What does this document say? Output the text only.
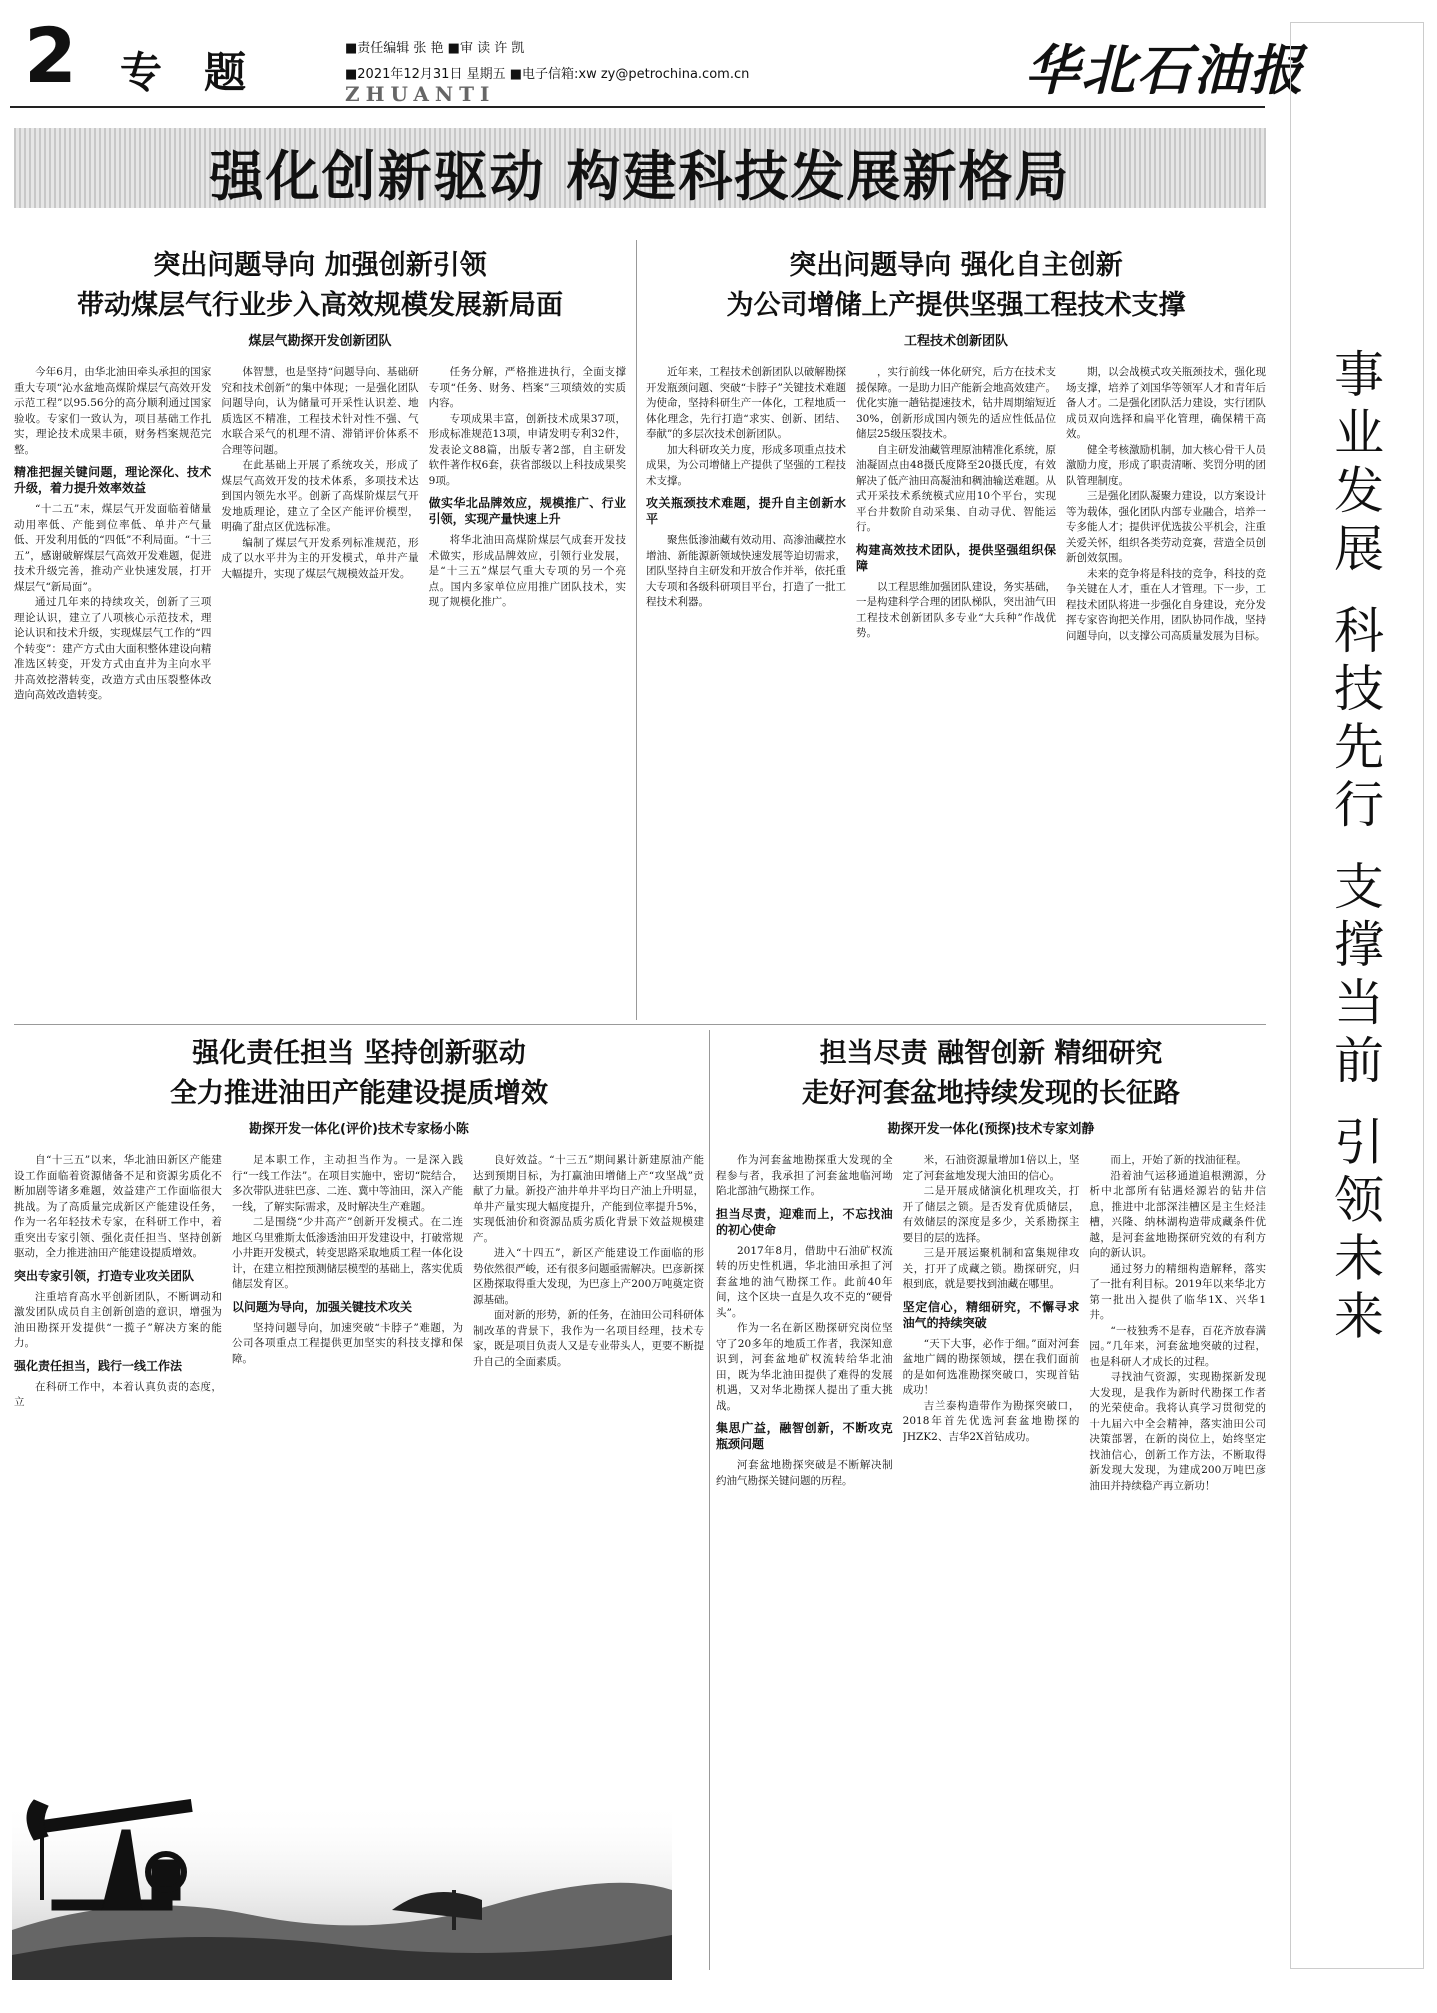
2 专题	■责任编辑 张 艳 ■审 读 许 凯
■2021年12月31日 星期五 ■电子信箱:xw zy@petrochina.com.cn
ZHUANTI	华北石油报
强化创新驱动 构建科技发展新格局
事业发展 科技先行 支撑当前 引领未来
突出问题导向 加强创新引领
带动煤层气行业步入高效规模发展新局面
煤层气勘探开发创新团队

今年6月，由华北油田牵头承担的国家重大专项“沁水盆地高煤阶煤层气高效开发示范工程”以95.56分的高分顺利通过国家验收。专家们一致认为，项目基础工作扎实，理论技术成果丰硕，财务档案规范完整。

精准把握关键问题，理论深化、技术升级，着力提升效率效益

“十二五”末，煤层气开发面临着储量动用率低、产能到位率低、单井产气量低、开发利用低的“四低”不利局面。“十三五”，感谢破解煤层气高效开发难题，促进技术升级完善，推动产业快速发展，打开煤层气“新局面”。

通过几年来的持续攻关，创新了三项理论认识，建立了八项核心示范技术，理论认识和技术升级，实现煤层气工作的“四个转变”：建产方式由大面积整体建设向精准选区转变，开发方式由直井为主向水平井高效挖潜转变，改造方式由压裂整体改造向高效改造转变。

体智慧，也是坚持“问题导向、基础研究和技术创新”的集中体现；一是强化团队问题导向，认为储量可开采性认识差、地质选区不精准，工程技术针对性不强、气水联合采气的机理不清、滞销评价体系不合理等问题。

在此基础上开展了系统攻关，形成了煤层气高效开发的技术体系，多项技术达到国内领先水平。创新了高煤阶煤层气开发地质理论，建立了全区产能评价模型，明确了甜点区优选标准。

编制了煤层气开发系列标准规范，形成了以水平井为主的开发模式，单井产量大幅提升，实现了煤层气规模效益开发。

任务分解，严格推进执行，全面支撑专项“任务、财务、档案”三项绩效的实质内容。

专项成果丰富，创新技术成果37项，形成标准规范13项，申请发明专利32件，发表论文88篇，出版专著2部，自主研发软件著作权6套，获省部级以上科技成果奖9项。

做实华北品牌效应，规模推广、行业引领，实现产量快速上升

将华北油田高煤阶煤层气成套开发技术做实，形成品牌效应，引领行业发展，是“十三五”煤层气重大专项的另一个亮点。国内多家单位应用推广团队技术，实现了规模化推广。

突出问题导向 强化自主创新
为公司增储上产提供坚强工程技术支撑
工程技术创新团队

近年来，工程技术创新团队以破解勘探开发瓶颈问题、突破“卡脖子”关键技术难题为使命，坚持科研生产一体化，工程地质一体化理念，先行打造“求实、创新、团结、奉献”的多层次技术创新团队。

加大科研攻关力度，形成多项重点技术成果，为公司增储上产提供了坚强的工程技术支撑。

攻关瓶颈技术难题，提升自主创新水平

聚焦低渗油藏有效动用、高渗油藏控水增油、新能源新领域快速发展等迫切需求，团队坚持自主研发和开放合作并举，依托重大专项和各级科研项目平台，打造了一批工程技术利器。

，实行前线一体化研究，后方在技术支援保障。一是助力旧产能新会地高效建产。优化实施一趟钻提速技术，钻井周期缩短近30%，创新形成国内领先的适应性低品位储层25级压裂技术。

自主研发油藏管理原油精准化系统，原油凝固点由48摄氏度降至20摄氏度，有效解决了低产油田高凝油和稠油输送难题。从式开采技术系统模式应用10个平台，实现平台井数阶自动采集、自动寻优、智能运行。

构建高效技术团队，提供坚强组织保障

以工程思维加强团队建设，务实基础，一是构建科学合理的团队梯队，突出油气田工程技术创新团队多专业“大兵种”作战优势。

期，以会战模式攻关瓶颈技术，强化现场支撑，培养了刘国华等领军人才和青年后备人才。二是强化团队活力建设，实行团队成员双向选择和扁平化管理，确保精干高效。

健全考核激励机制，加大核心骨干人员激励力度，形成了职责清晰、奖罚分明的团队管理制度。

三是强化团队凝聚力建设，以方案设计等为载体，强化团队内部专业融合，培养一专多能人才；提供评优选拔公平机会，注重关爱关怀，组织各类劳动竞赛，营造全员创新创效氛围。

未来的竞争将是科技的竞争，科技的竞争关键在人才，重在人才管理。下一步，工程技术团队将进一步强化自身建设，充分发挥专家咨询把关作用，团队协同作战，坚持问题导向，以支撑公司高质量发展为目标。

强化责任担当 坚持创新驱动
全力推进油田产能建设提质增效
勘探开发一体化(评价)技术专家杨小陈

自“十三五”以来，华北油田新区产能建设工作面临着资源储备不足和资源劣质化不断加剧等诸多难题，效益建产工作面临很大挑战。为了高质量完成新区产能建设任务，作为一名年轻技术专家，在科研工作中，着重突出专家引领、强化责任担当、坚持创新驱动，全力推进油田产能建设提质增效。

突出专家引领，打造专业攻关团队

注重培育高水平创新团队，不断调动和激发团队成员自主创新创造的意识，增强为油田勘探开发提供“一揽子”解决方案的能力。

强化责任担当，践行一线工作法

在科研工作中，本着认真负责的态度，立

足本职工作，主动担当作为。一是深入践行“一线工作法”。在项目实施中，密切“院结合，多次带队进驻巴彦、二连、冀中等油田，深入产能一线，了解实际需求，及时解决生产难题。

二是围绕“少井高产”创新开发模式。在二连地区乌里雅斯太低渗透油田开发建设中，打破常规小井距开发模式，转变思路采取地质工程一体化设计，在建立相控预测储层模型的基础上，落实优质储层发育区。

以问题为导向，加强关键技术攻关

坚持问题导向，加速突破“卡脖子”难题，为公司各项重点工程提供更加坚实的科技支撑和保障。

良好效益。“十三五”期间累计新建原油产能达到预期目标，为打赢油田增储上产“攻坚战”贡献了力量。新投产油井单井平均日产油上升明显，单井产量实现大幅度提升，产能到位率提升5%，实现低油价和资源品质劣质化背景下效益规模建产。

进入“十四五”，新区产能建设工作面临的形势依然很严峻，还有很多问题亟需解决。巴彦新探区勘探取得重大发现，为巴彦上产200万吨奠定资源基础。

面对新的形势，新的任务，在油田公司科研体制改革的背景下，我作为一名项目经理，技术专家，既是项目负责人又是专业带头人，更要不断提升自己的全面素质。

担当尽责 融智创新 精细研究
走好河套盆地持续发现的长征路
勘探开发一体化(预探)技术专家刘静

作为河套盆地勘探重大发现的全程参与者，我承担了河套盆地临河坳陷北部油气勘探工作。

担当尽责，迎难而上，不忘找油的初心使命

2017年8月，借助中石油矿权流转的历史性机遇，华北油田承担了河套盆地的油气勘探工作。此前40年间，这个区块一直是久攻不克的“硬骨头”。

作为一名在新区勘探研究岗位坚守了20多年的地质工作者，我深知意识到，河套盆地矿权流转给华北油田，既为华北油田提供了难得的发展机遇，又对华北勘探人提出了重大挑战。

集思广益，融智创新，不断攻克瓶颈问题

河套盆地勘探突破是不断解决制约油气勘探关键问题的历程。

米，石油资源量增加1倍以上，坚定了河套盆地发现大油田的信心。

二是开展成储演化机理攻关，打开了储层之锁。是否发育优质储层，有效储层的深度是多少，关系勘探主要目的层的选择。

三是开展运聚机制和富集规律攻关，打开了成藏之锁。勘探研究，归根到底，就是要找到油藏在哪里。

坚定信心，精细研究，不懈寻求油气的持续突破

“天下大事，必作于细。”面对河套盆地广阔的勘探领域，摆在我们面前的是如何选准勘探突破口，实现首钻成功！

吉兰泰构造带作为勘探突破口，2018年首先优选河套盆地勘探的JHZK2、吉华2X首钻成功。

而上，开始了新的找油征程。

沿着油气运移通道追根溯源，分析中北部所有钻遇烃源岩的钻井信息，推进中北部深洼槽区是主生烃洼槽，兴隆、纳林湖构造带成藏条件优越，是河套盆地勘探研究效的有利方向的新认识。

通过努力的精细构造解释，落实了一批有利目标。2019年以来华北方第一批出入提供了临华1X、兴华1井。

“一枝独秀不是春，百花齐放春满园。”几年来，河套盆地突破的过程，也是科研人才成长的过程。

寻找油气资源，实现勘探新发现大发现，是我作为新时代勘探工作者的光荣使命。我将认真学习贯彻党的十九届六中全会精神，落实油田公司决策部署，在新的岗位上，始终坚定找油信心，创新工作方法，不断取得新发现大发现，为建成200万吨巴彦油田并持续稳产再立新功！
